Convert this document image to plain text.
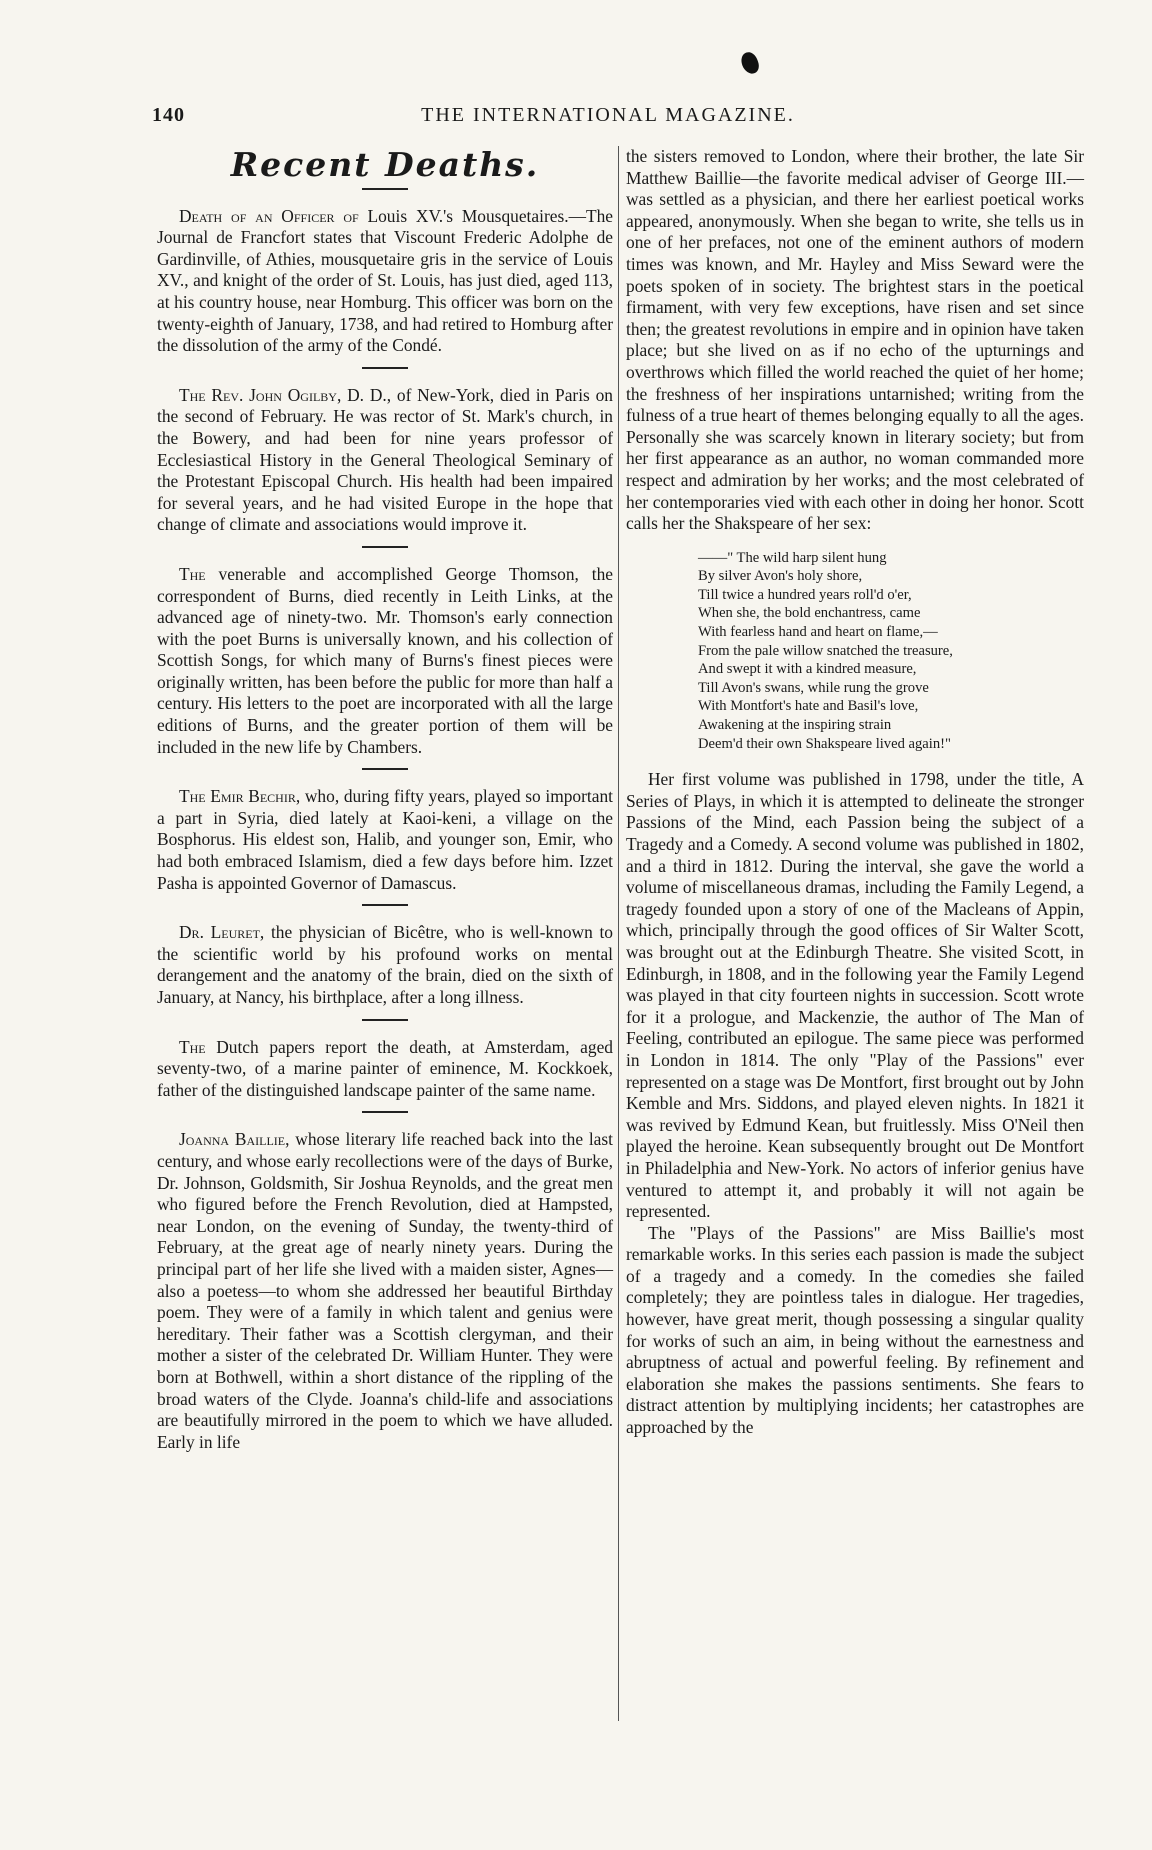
140	THE INTERNATIONAL MAGAZINE.
Recent Deaths.

Death of an Officer of Louis XV.'s Mousquetaires.—The Journal de Francfort states that Viscount Frederic Adolphe de Gardinville, of Athies, mousquetaire gris in the service of Louis XV., and knight of the order of St. Louis, has just died, aged 113, at his country house, near Homburg. This officer was born on the twenty-eighth of January, 1738, and had retired to Homburg after the dissolution of the army of the Condé.

The Rev. John Ogilby, D. D., of New-York, died in Paris on the second of February. He was rector of St. Mark's church, in the Bowery, and had been for nine years professor of Ecclesiastical History in the General Theological Seminary of the Protestant Episcopal Church. His health had been impaired for several years, and he had visited Europe in the hope that change of climate and associations would improve it.

The venerable and accomplished George Thomson, the correspondent of Burns, died recently in Leith Links, at the advanced age of ninety-two. Mr. Thomson's early connection with the poet Burns is universally known, and his collection of Scottish Songs, for which many of Burns's finest pieces were originally written, has been before the public for more than half a century. His letters to the poet are incorporated with all the large editions of Burns, and the greater portion of them will be included in the new life by Chambers.

The Emir Bechir, who, during fifty years, played so important a part in Syria, died lately at Kaoi-keni, a village on the Bosphorus. His eldest son, Halib, and younger son, Emir, who had both embraced Islamism, died a few days before him. Izzet Pasha is appointed Governor of Damascus.

Dr. Leuret, the physician of Bicêtre, who is well-known to the scientific world by his profound works on mental derangement and the anatomy of the brain, died on the sixth of January, at Nancy, his birthplace, after a long illness.

The Dutch papers report the death, at Amsterdam, aged seventy-two, of a marine painter of eminence, M. Kockkoek, father of the distinguished landscape painter of the same name.

Joanna Baillie, whose literary life reached back into the last century, and whose early recollections were of the days of Burke, Dr. Johnson, Goldsmith, Sir Joshua Reynolds, and the great men who figured before the French Revolution, died at Hampsted, near London, on the evening of Sunday, the twenty-third of February, at the great age of nearly ninety years. During the principal part of her life she lived with a maiden sister, Agnes—also a poetess—to whom she addressed her beautiful Birthday poem. They were of a family in which talent and genius were hereditary. Their father was a Scottish clergyman, and their mother a sister of the celebrated Dr. William Hunter. They were born at Bothwell, within a short distance of the rippling of the broad waters of the Clyde. Joanna's child-life and associations are beautifully mirrored in the poem to which we have alluded. Early in life

the sisters removed to London, where their brother, the late Sir Matthew Baillie—the favorite medical adviser of George III.—was settled as a physician, and there her earliest poetical works appeared, anonymously. When she began to write, she tells us in one of her prefaces, not one of the eminent authors of modern times was known, and Mr. Hayley and Miss Seward were the poets spoken of in society. The brightest stars in the poetical firmament, with very few exceptions, have risen and set since then; the greatest revolutions in empire and in opinion have taken place; but she lived on as if no echo of the upturnings and overthrows which filled the world reached the quiet of her home; the freshness of her inspirations untarnished; writing from the fulness of a true heart of themes belonging equally to all the ages. Personally she was scarcely known in literary society; but from her first appearance as an author, no woman commanded more respect and admiration by her works; and the most celebrated of her contemporaries vied with each other in doing her honor. Scott calls her the Shakspeare of her sex:

——" The wild harp silent hung
By silver Avon's holy shore,
Till twice a hundred years roll'd o'er,
When she, the bold enchantress, came
With fearless hand and heart on flame,—
From the pale willow snatched the treasure,
And swept it with a kindred measure,
Till Avon's swans, while rung the grove
With Montfort's hate and Basil's love,
Awakening at the inspiring strain
Deem'd their own Shakspeare lived again!"

Her first volume was published in 1798, under the title, A Series of Plays, in which it is attempted to delineate the stronger Passions of the Mind, each Passion being the subject of a Tragedy and a Comedy. A second volume was published in 1802, and a third in 1812. During the interval, she gave the world a volume of miscellaneous dramas, including the Family Legend, a tragedy founded upon a story of one of the Macleans of Appin, which, principally through the good offices of Sir Walter Scott, was brought out at the Edinburgh Theatre. She visited Scott, in Edinburgh, in 1808, and in the following year the Family Legend was played in that city fourteen nights in succession. Scott wrote for it a prologue, and Mackenzie, the author of The Man of Feeling, contributed an epilogue. The same piece was performed in London in 1814. The only "Play of the Passions" ever represented on a stage was De Montfort, first brought out by John Kemble and Mrs. Siddons, and played eleven nights. In 1821 it was revived by Edmund Kean, but fruitlessly. Miss O'Neil then played the heroine. Kean subsequently brought out De Montfort in Philadelphia and New-York. No actors of inferior genius have ventured to attempt it, and probably it will not again be represented.

The "Plays of the Passions" are Miss Baillie's most remarkable works. In this series each passion is made the subject of a tragedy and a comedy. In the comedies she failed completely; they are pointless tales in dialogue. Her tragedies, however, have great merit, though possessing a singular quality for works of such an aim, in being without the earnestness and abruptness of actual and powerful feeling. By refinement and elaboration she makes the passions sentiments. She fears to distract attention by multiplying incidents; her catastrophes are approached by the
